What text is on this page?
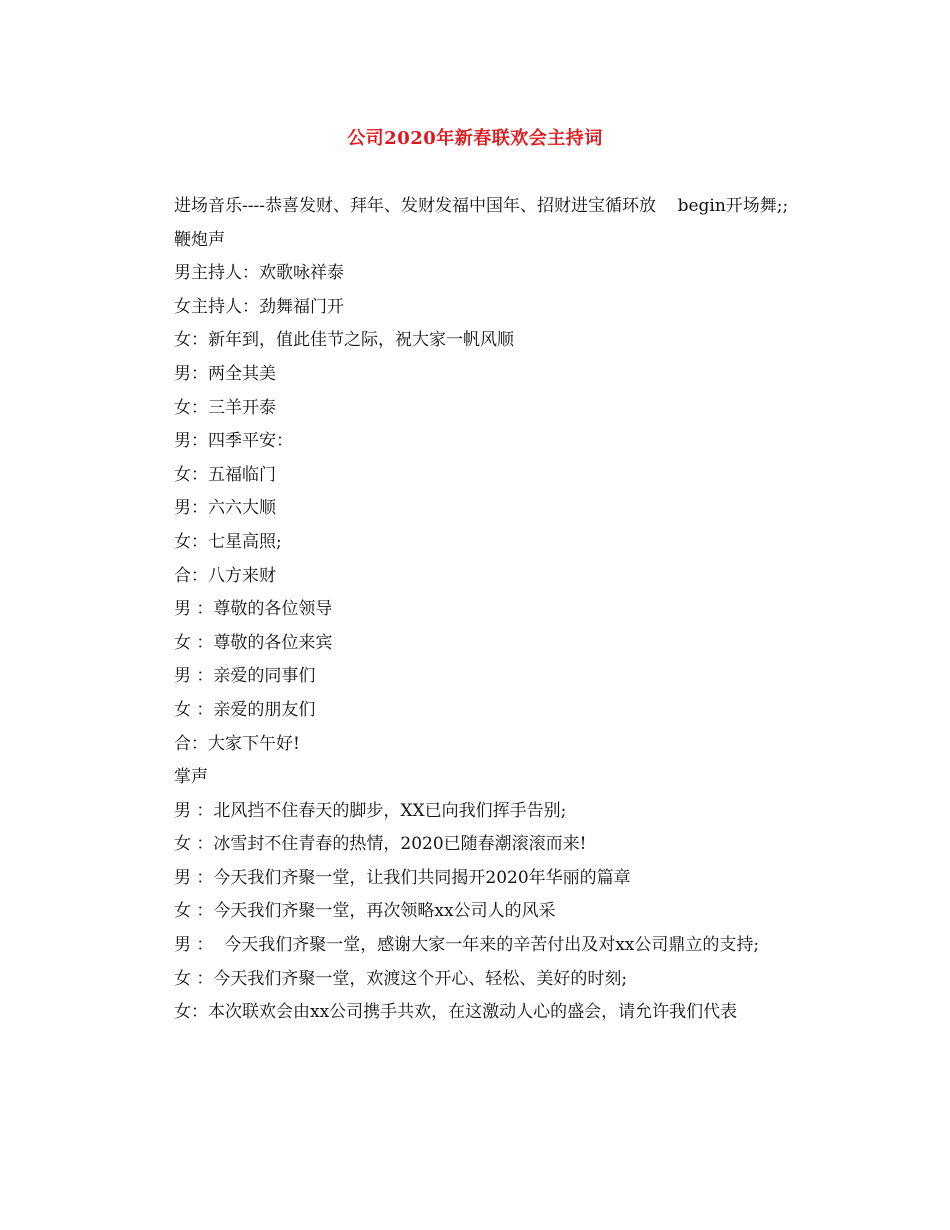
公司2020年新春联欢会主持词

进场音乐----恭喜发财、拜年、发财发福中国年、招财进宝循环放    begin开场舞;;

鞭炮声

男主持人：欢歌咏祥泰

女主持人：劲舞福门开

女：新年到，值此佳节之际，祝大家一帆风顺

男：两全其美

女：三羊开泰

男：四季平安：

女：五福临门

男：六六大顺

女：七星高照;

合：八方来财

男 ：尊敬的各位领导

女 ：尊敬的各位来宾

男 ：亲爱的同事们

女 ：亲爱的朋友们

合：大家下午好!

掌声

男 ：北风挡不住春天的脚步，XX已向我们挥手告别;

女 ：冰雪封不住青春的热情，2020已随春潮滚滚而来!

男 ：今天我们齐聚一堂，让我们共同揭开2020年华丽的篇章

女 ：今天我们齐聚一堂，再次领略xx公司人的风采

男 ：  今天我们齐聚一堂，感谢大家一年来的辛苦付出及对xx公司鼎立的支持;

女 ：今天我们齐聚一堂，欢渡这个开心、轻松、美好的时刻;

女：本次联欢会由xx公司携手共欢，在这激动人心的盛会，请允许我们代表
